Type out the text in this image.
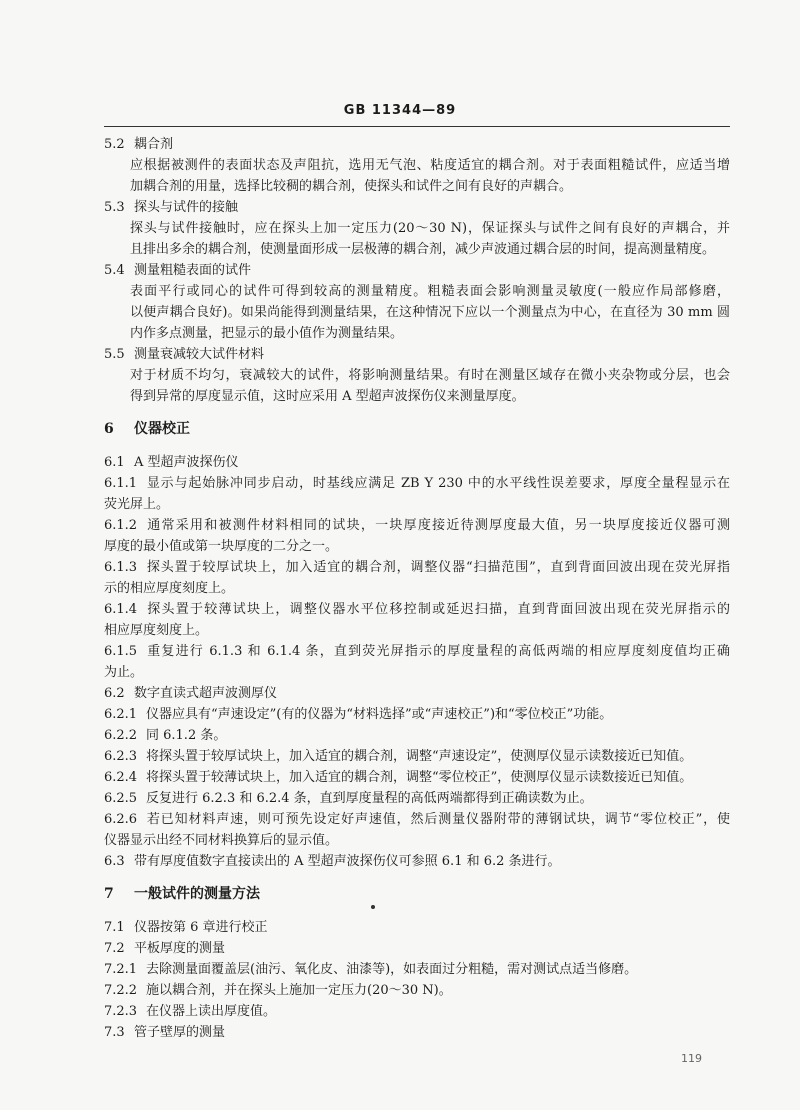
GB 11344—89
5.2 耦合剂
应根据被测件的表面状态及声阻抗，选用无气泡、粘度适宜的耦合剂。对于表面粗糙试件，应适当增
加耦合剂的用量，选择比较稠的耦合剂，使探头和试件之间有良好的声耦合。
5.3 探头与试件的接触
探头与试件接触时，应在探头上加一定压力(20～30 N)，保证探头与试件之间有良好的声耦合，并
且排出多余的耦合剂，使测量面形成一层极薄的耦合剂，减少声波通过耦合层的时间，提高测量精度。
5.4 测量粗糙表面的试件
表面平行或同心的试件可得到较高的测量精度。粗糙表面会影响测量灵敏度(一般应作局部修磨，
以便声耦合良好)。如果尚能得到测量结果，在这种情况下应以一个测量点为中心，在直径为 30 mm 圆
内作多点测量，把显示的最小值作为测量结果。
5.5 测量衰减较大试件材料
对于材质不均匀，衰减较大的试件，将影响测量结果。有时在测量区域存在微小夹杂物或分层，也会
得到异常的厚度显示值，这时应采用 A 型超声波探伤仪来测量厚度。
6 仪器校正
6.1 A 型超声波探伤仪
6.1.1显示与起始脉冲同步启动，时基线应满足 ZB Y 230 中的水平线性误差要求，厚度全量程显示在
荧光屏上。
6.1.2通常采用和被测件材料相同的试块，一块厚度接近待测厚度最大值，另一块厚度接近仪器可测
厚度的最小值或第一块厚度的二分之一。
6.1.3探头置于较厚试块上，加入适宜的耦合剂，调整仪器“扫描范围”，直到背面回波出现在荧光屏指
示的相应厚度刻度上。
6.1.4探头置于较薄试块上，调整仪器水平位移控制或延迟扫描，直到背面回波出现在荧光屏指示的
相应厚度刻度上。
6.1.5重复进行 6.1.3 和 6.1.4 条，直到荧光屏指示的厚度量程的高低两端的相应厚度刻度值均正确
为止。
6.2 数字直读式超声波测厚仪
6.2.1仪器应具有“声速设定”(有的仪器为“材料选择”或“声速校正”)和“零位校正”功能。
6.2.2同 6.1.2 条。
6.2.3将探头置于较厚试块上，加入适宜的耦合剂，调整“声速设定”，使测厚仪显示读数接近已知值。
6.2.4将探头置于较薄试块上，加入适宜的耦合剂，调整“零位校正”，使测厚仪显示读数接近已知值。
6.2.5反复进行 6.2.3 和 6.2.4 条，直到厚度量程的高低两端都得到正确读数为止。
6.2.6若已知材料声速，则可预先设定好声速值，然后测量仪器附带的薄钢试块，调节“零位校正”，使
仪器显示出经不同材料换算后的显示值。
6.3 带有厚度值数字直接读出的 A 型超声波探伤仪可参照 6.1 和 6.2 条进行。
7 一般试件的测量方法
7.1 仪器按第 6 章进行校正
7.2 平板厚度的测量
7.2.1去除测量面覆盖层(油污、氧化皮、油漆等)，如表面过分粗糙，需对测试点适当修磨。
7.2.2施以耦合剂，并在探头上施加一定压力(20～30 N)。
7.2.3在仪器上读出厚度值。
7.3 管子壁厚的测量
119
